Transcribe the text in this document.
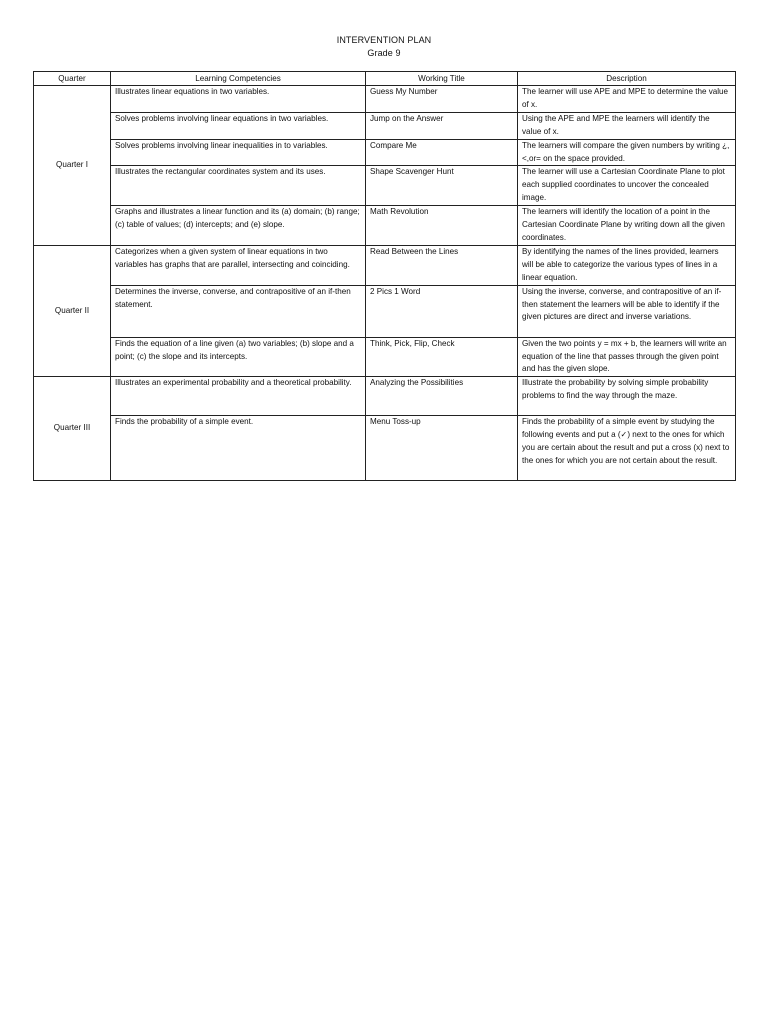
INTERVENTION PLAN
Grade 9
Quarter	Learning Competencies	Working Title	Description
Quarter I	Illustrates linear equations in two variables.	Guess My Number	The learner will use APE and MPE to determine the value of x.
	Solves problems involving linear equations in two variables.	Jump on the Answer	Using the APE and MPE the learners will identify the value of x.
	Solves problems involving linear inequalities in to variables.	Compare Me	The learners will compare the given numbers by writing ¿,<,or= on the space provided.
	Illustrates the rectangular coordinates system and its uses.	Shape Scavenger Hunt	The learner will use a Cartesian Coordinate Plane to plot each supplied coordinates to uncover the concealed image.
	Graphs and illustrates a linear function and its (a) domain; (b) range; (c) table of values; (d) intercepts; and (e) slope.	Math Revolution	The learners will identify the location of a point in the Cartesian Coordinate Plane by writing down all the given coordinates.
Quarter II	Categorizes when a given system of linear equations in two variables has graphs that are parallel, intersecting and coinciding.	Read Between the Lines	By identifying the names of the lines provided, learners will be able to categorize the various types of lines in a linear equation.
	Determines the inverse, converse, and contrapositive of an if-then statement.	2 Pics 1 Word	Using the inverse, converse, and contrapositive of an if-then statement the learners will be able to identify if the given pictures are direct and inverse variations.
	Finds the equation of a line given (a) two variables; (b) slope and a point; (c) the slope and its intercepts.	Think, Pick, Flip, Check	Given the two points y = mx + b, the learners will write an equation of the line that passes through the given point and has the given slope.
Quarter III	Illustrates an experimental probability and a theoretical probability.	Analyzing the Possibilities	Illustrate the probability by solving simple probability problems to find the way through the maze.
	Finds the probability of a simple event.	Menu Toss-up	Finds the probability of a simple event by studying the following events and put a (✓) next to the ones for which you are certain about the result and put a cross (x) next to the ones for which you are not certain about the result.
